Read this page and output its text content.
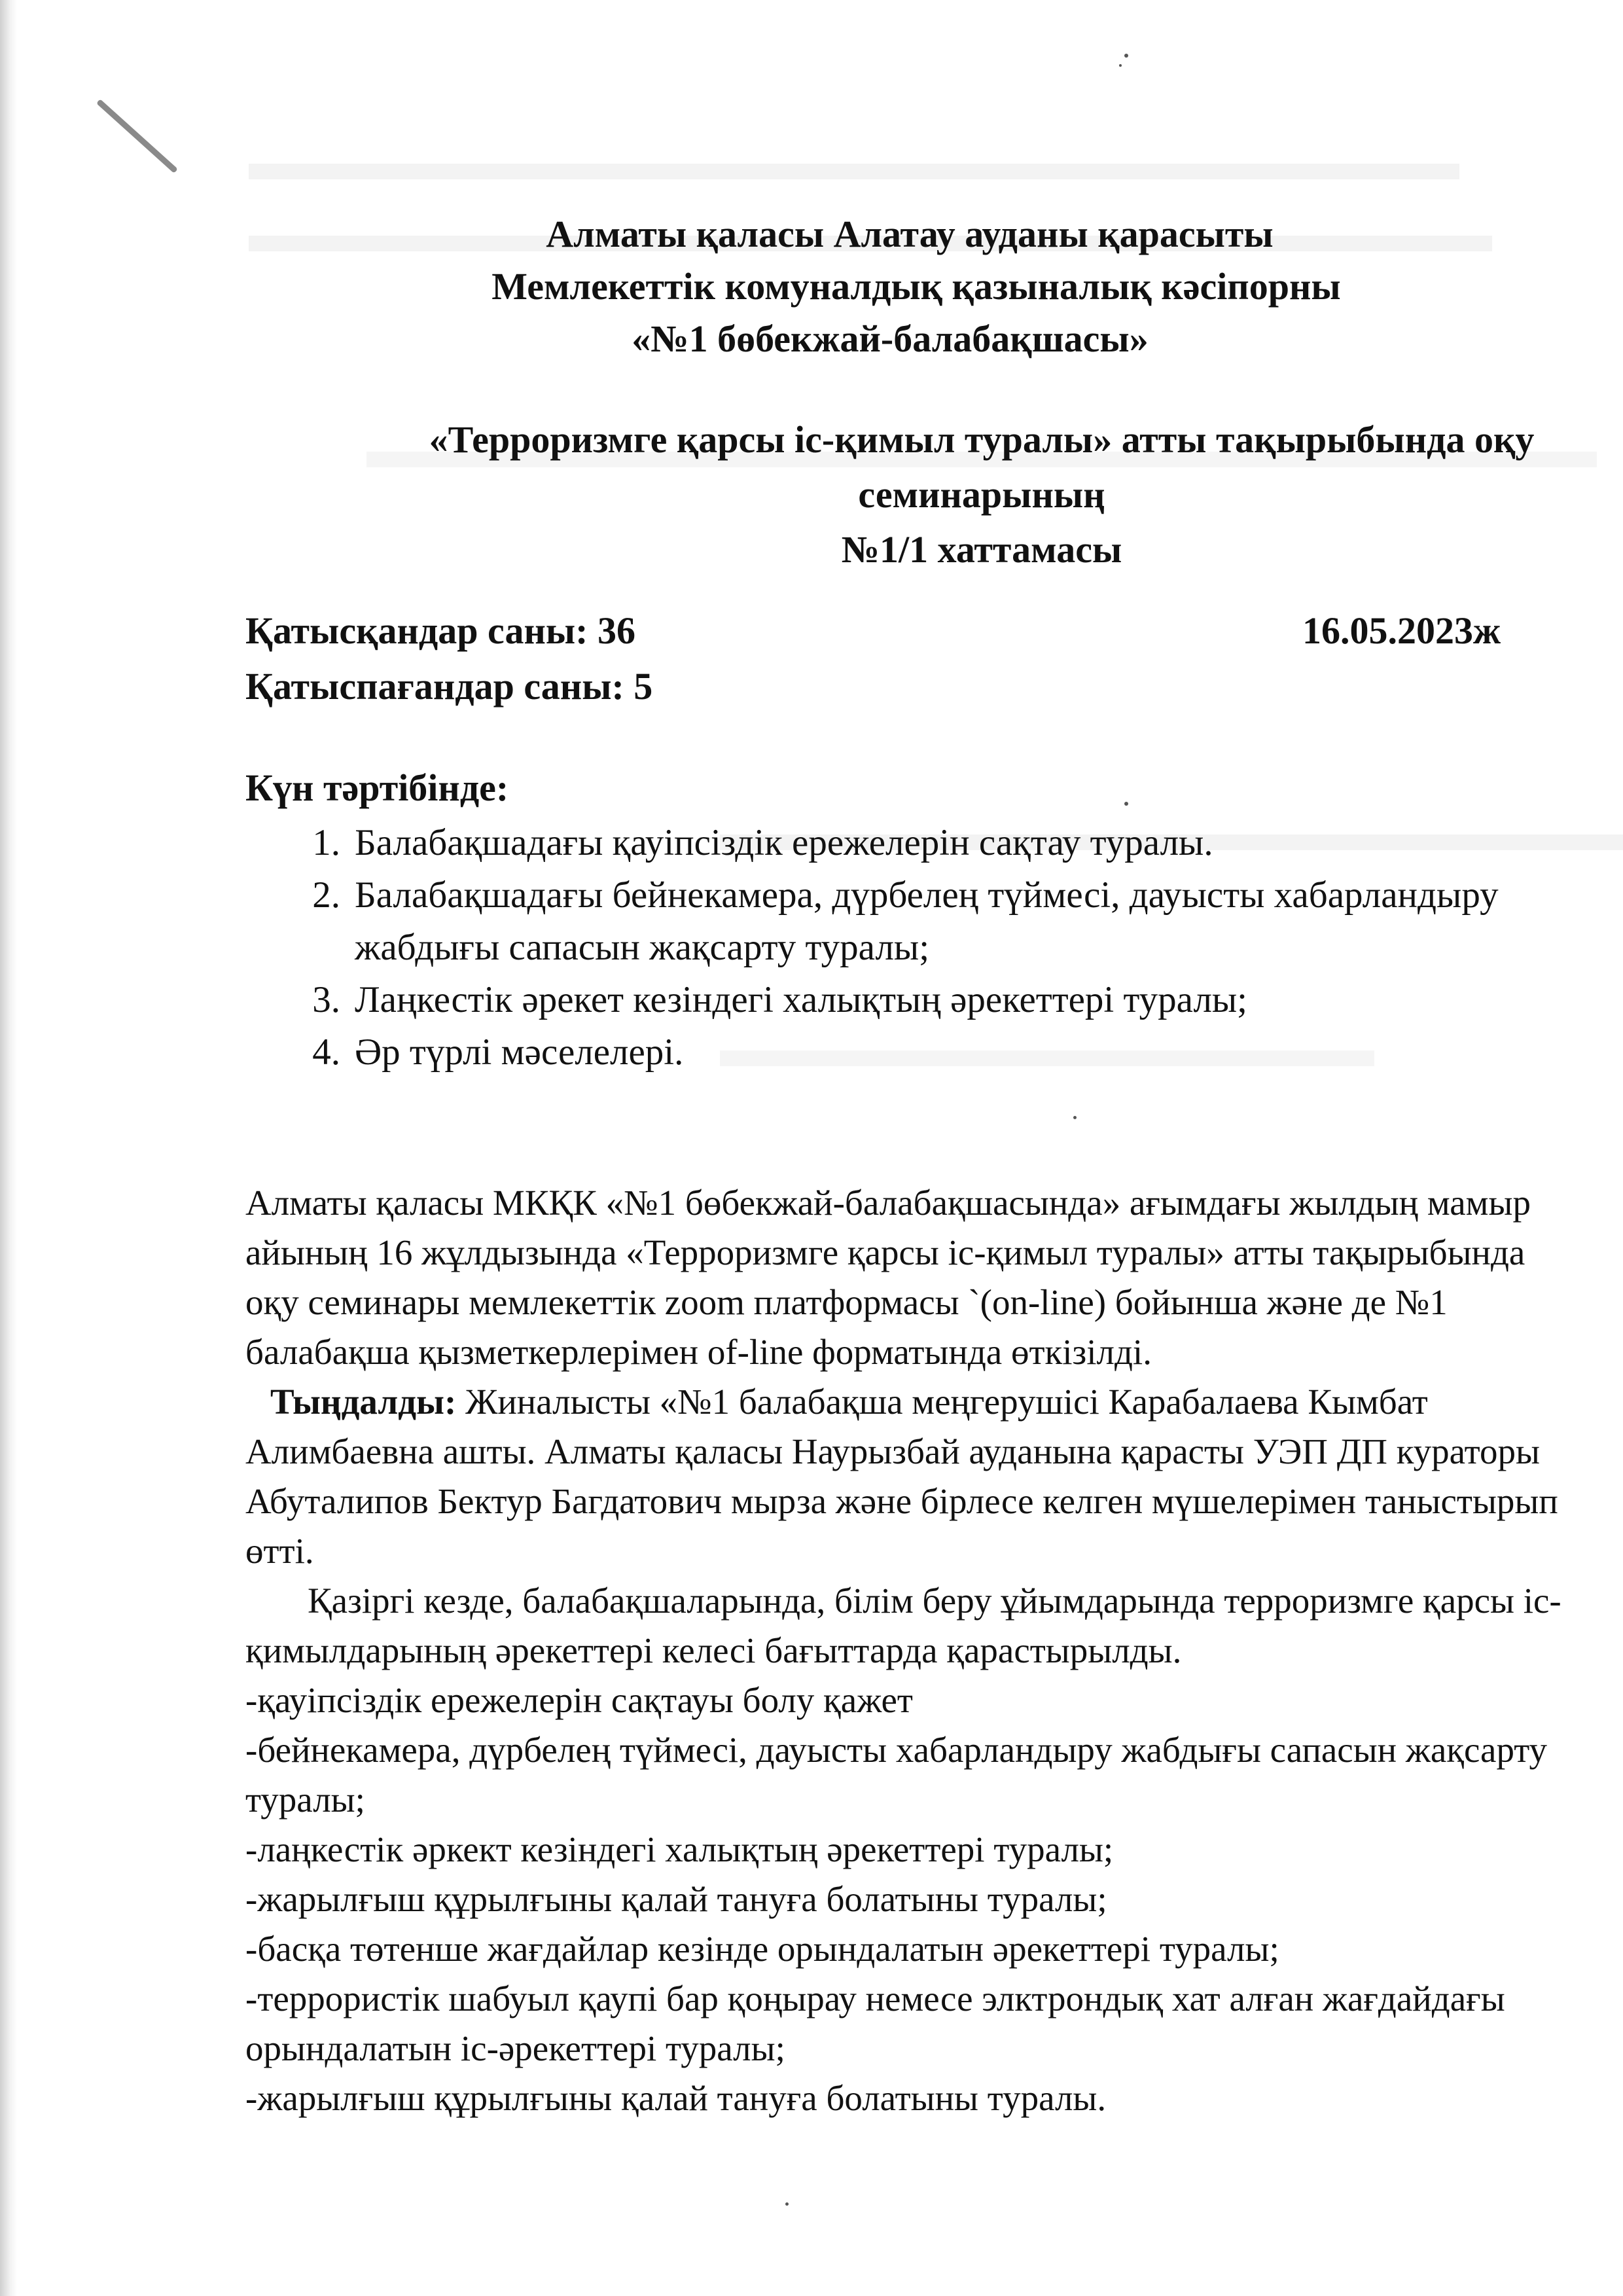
Алматы қаласы Алатау ауданы қарасыты
Мемлекеттік комуналдық қазыналық кәсіпорны
«№1 бөбекжай-балабақшасы»
«Терроризмге қарсы іс-қимыл туралы» атты тақырыбында оқу
семинарының
№1/1 хаттамасы
Қатысқандар саны: 36	16.05.2023ж
Қатыспағандар саны: 5
Күн тәртібінде:
1. Балабақшадағы қауіпсіздік ережелерін сақтау туралы.
2. Балабақшадағы бейнекамера, дүрбелең түймесі, дауысты хабарландыру жабдығы сапасын жақсарту туралы;
3. Лаңкестік әрекет кезіндегі халықтың әрекеттері туралы;
4. Әр түрлі мәселелері.

Алматы қаласы МКҚК «№1 бөбекжай-балабақшасында» ағымдағы жылдың мамыр айының 16 жұлдызында «Терроризмге қарсы іс-қимыл туралы» атты тақырыбында оқу семинары мемлекеттік zoom платформасы `(on-line) бойынша және де №1 балабақша қызметкерлерімен of-line форматында өткізілді.

Тыңдалды: Жиналысты «№1 балабақша меңгерушісі Карабалаева Кымбат Алимбаевна ашты. Алматы қаласы Наурызбай ауданына қарасты УЭП ДП кураторы Абуталипов Бектур Багдатович мырза және бірлесе келген мүшелерімен таныстырып өтті.

Қазіргі кезде, балабақшаларында, білім беру ұйымдарында терроризмге қарсы іс-қимылдарының әрекеттері келесі бағыттарда қарастырылды.

-қауіпсіздік ережелерін сақтауы болу қажет

-бейнекамера, дүрбелең түймесі, дауысты хабарландыру жабдығы сапасын жақсарту туралы;

-лаңкестік әркект кезіндегі халықтың әрекеттері туралы;

-жарылғыш құрылғыны қалай тануға болатыны туралы;

-басқа төтенше жағдайлар кезінде орындалатын әрекеттері туралы;

-террористік шабуыл қаупі бар қоңырау немесе элктрондық хат алған жағдайдағы орындалатын іс-әрекеттері туралы;

-жарылғыш құрылғыны қалай тануға болатыны туралы.
